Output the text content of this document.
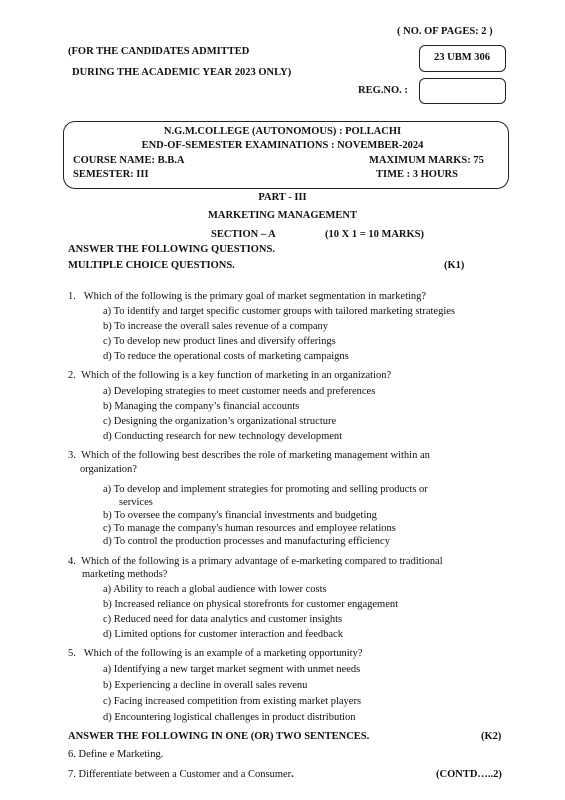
( NO. OF PAGES: 2 )
(FOR THE CANDIDATES ADMITTED
DURING THE ACADEMIC YEAR 2023 ONLY)
23 UBM 306
REG.NO. :
N.G.M.COLLEGE (AUTONOMOUS) : POLLACHI
END-OF-SEMESTER EXAMINATIONS : NOVEMBER-2024
COURSE NAME: B.B.A	MAXIMUM MARKS: 75
SEMESTER: III	TIME : 3 HOURS
PART - III
MARKETING MANAGEMENT
SECTION – A	(10 X 1 = 10 MARKS)
ANSWER THE FOLLOWING QUESTIONS.
MULTIPLE CHOICE QUESTIONS.	(K1)
1. Which of the following is the primary goal of market segmentation in marketing?
a) To identify and target specific customer groups with tailored marketing strategies
b) To increase the overall sales revenue of a company
c) To develop new product lines and diversify offerings
d) To reduce the operational costs of marketing campaigns
2. Which of the following is a key function of marketing in an organization?
a) Developing strategies to meet customer needs and preferences
b) Managing the company’s financial accounts
c) Designing the organization’s organizational structure
d) Conducting research for new technology development
3. Which of the following best describes the role of marketing management within an
organization?
a) To develop and implement strategies for promoting and selling products or
services
b) To oversee the company's financial investments and budgeting
c) To manage the company's human resources and employee relations
d) To control the production processes and manufacturing efficiency
4. Which of the following is a primary advantage of e-marketing compared to traditional
marketing methods?
a) Ability to reach a global audience with lower costs
b) Increased reliance on physical storefronts for customer engagement
c) Reduced need for data analytics and customer insights
d) Limited options for customer interaction and feedback
5. Which of the following is an example of a marketing opportunity?
a) Identifying a new target market segment with unmet needs
b) Experiencing a decline in overall sales revenu
c) Facing increased competition from existing market players
d) Encountering logistical challenges in product distribution
ANSWER THE FOLLOWING IN ONE (OR) TWO SENTENCES.	(K2)
6. Define e Marketing.
7. Differentiate between a Customer and a Consumer.	(CONTD…..2)
